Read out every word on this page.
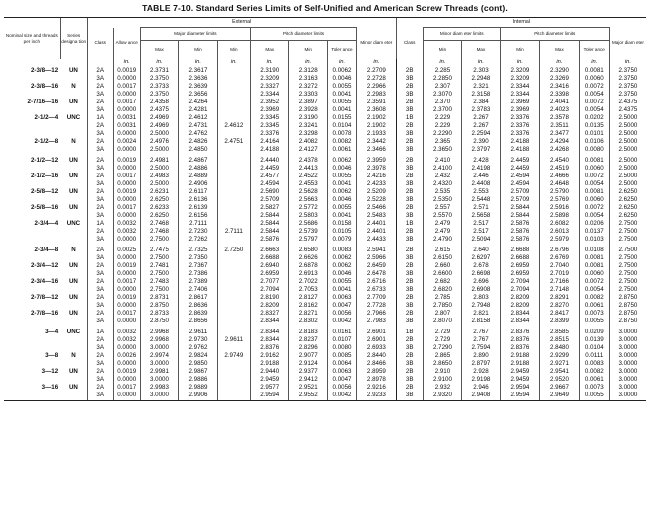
TABLE 7-10. Standard Series Limits of Self-Unified and American Screw Threads (cont).
Nominal size and threads per inch	Series designa tion	External									Internal						
		Class	Allow ance	Major diameter limits			Pitch diameter limits			Minor diam eter	Class	Minor diam eter limits		Pitch diameter limits			Major diam eter
				Max	Min	Min	Max	Min	Toler ance			Min	Max	Min	Max	Toler ance	
			in.	in.	in.	in.	in.	in.	in.	in.		in.	in.	in.	in.	in.	in.
2-3/8—12	UN	2A	0.0019	2.3731	2.3617		2.3190	2.3128	0.0062	2.2709	2B	2.285	2.303	2.3209	2.3290	0.0081	2.3750
		3A	0.0000	2.3750	2.3636		2.3209	2.3163	0.0046	2.2728	3B	2.2850	2.2948	2.3209	2.3269	0.0060	2.3750
2-3/8—16	N	2A	0.0017	2.3733	2.3639		2.3327	2.3272	0.0055	2.2966	2B	2.307	2.321	2.3344	2.3416	0.0072	2.3750
		3A	0.0000	2.3750	2.3656		2.3344	2.3303	0.0041	2.2983	3B	2.3070	2.3158	2.3344	2.3398	0.0054	2.3750
2-7/16—16	UN	2A	0.0017	2.4358	2.4264		2.3952	2.3897	0.0055	2.3591	2B	2.370	2.384	2.3969	2.4041	0.0072	2.4375
		3A	0.0000	2.4375	2.4281		2.3969	2.3928	0.0041	2.3608	3B	2.3700	2.3783	2.3969	2.4023	0.0054	2.4375
2-1/2—4	UNC	1A	0.0031	2.4969	2.4612		2.3345	2.3190	0.0155	2.1902	1B	2.229	2.267	2.3376	2.3578	0.0202	2.5000
		2A	0.0031	2.4969	2.4731	2.4612	2.3345	2.3241	0.0104	2.1902	2B	2.229	2.267	2.3376	2.3511	0.0135	2.5000
		3A	0.0000	2.5000	2.4762		2.3376	2.3298	0.0078	2.1933	3B	2.2290	2.2594	2.3376	2.3477	0.0101	2.5000
2-1/2—8	N	2A	0.0024	2.4976	2.4826	2.4751	2.4164	2.4082	0.0082	2.3442	2B	2.365	2.390	2.4188	2.4294	0.0106	2.5000
		3A	0.0000	2.5000	2.4850		2.4188	2.4127	0.0061	2.3466	3B	2.3650	2.3797	2.4188	2.4268	0.0080	2.5000

2-1/2—12	UN	2A	0.0019	2.4981	2.4867		2.4440	2.4378	0.0062	2.3959	2B	2.410	2.428	2.4459	2.4540	0.0081	2.5000
		3A	0.0000	2.5000	2.4886		2.4459	2.4413	0.0046	2.3978	3B	2.4100	2.4198	2.4459	2.4519	0.0060	2.5000
2-1/2—16	UN	2A	0.0017	2.4983	2.4889		2.4577	2.4522	0.0055	2.4216	2B	2.432	2.446	2.4594	2.4666	0.0072	2.5000
		3A	0.0000	2.5000	2.4906		2.4594	2.4553	0.0041	2.4233	3B	2.4320	2.4408	2.4594	2.4648	0.0054	2.5000
2-5/8—12	UN	2A	0.0019	2.6231	2.6117		2.5690	2.5628	0.0062	2.5209	2B	2.535	2.553	2.5709	2.5790	0.0081	2.6250
		3A	0.0000	2.6250	2.6136		2.5709	2.5663	0.0046	2.5228	3B	2.5350	2.5448	2.5709	2.5769	0.0060	2.6250
2-5/8—16	UN	2A	0.0017	2.6233	2.6139		2.5827	2.5772	0.0055	2.5466	2B	2.557	2.571	2.5844	2.5916	0.0072	2.6250
		3A	0.0000	2.6250	2.6156		2.5844	2.5803	0.0041	2.5483	3B	2.5570	2.5658	2.5844	2.5898	0.0054	2.6250
2-3/4—4	UNC	1A	0.0032	2.7468	2.7111		2.5844	2.5686	0.0158	2.4401	1B	2.479	2.517	2.5876	2.6082	0.0206	2.7500
		2A	0.0032	2.7468	2.7230	2.7111	2.5844	2.5739	0.0105	2.4401	2B	2.479	2.517	2.5876	2.6013	0.0137	2.7500
		3A	0.0000	2.7500	2.7262		2.5876	2.5797	0.0079	2.4433	3B	2.4790	2.5094	2.5876	2.5979	0.0103	2.7500

2-3/4—8	N	2A	0.0025	2.7475	2.7325	2.7250	2.6663	2.6580	0.0083	2.5941	2B	2.615	2.640	2.6688	2.6796	0.0108	2.7500
		3A	0.0000	2.7500	2.7350		2.6688	2.6626	0.0062	2.5966	3B	2.6150	2.6297	2.6688	2.6769	0.0081	2.7500
2-3/4—12	UN	2A	0.0019	2.7481	2.7367		2.6940	2.6878	0.0062	2.6459	2B	2.660	2.678	2.6959	2.7040	0.0081	2.7500
		3A	0.0000	2.7500	2.7386		2.6959	2.6913	0.0046	2.6478	3B	2.6600	2.6698	2.6959	2.7019	0.0060	2.7500
2-3/4—16	UN	2A	0.0017	2.7483	2.7389		2.7077	2.7022	0.0055	2.6716	2B	2.682	2.696	2.7094	2.7166	0.0072	2.7500
		3A	0.0000	2.7500	2.7406		2.7094	2.7053	0.0041	2.6733	3B	2.6820	2.6908	2.7094	2.7148	0.0054	2.7500
2-7/8—12	UN	2A	0.0019	2.8731	2.8617		2.8190	2.8127	0.0063	2.7709	2B	2.785	2.803	2.8209	2.8291	0.0082	2.8750
		3A	0.0000	2.8750	2.8636		2.8209	2.8162	0.0047	2.7728	3B	2.7850	2.7948	2.8209	2.8270	0.0061	2.8750
2-7/8—16	UN	2A	0.0017	2.8733	2.8639		2.8327	2.8271	0.0056	2.7966	2B	2.807	2.821	2.8344	2.8417	0.0073	2.8750
		3A	0.0000	2.8750	2.8656		2.8344	2.8302	0.0042	2.7983	3B	2.8070	2.8158	2.8344	2.8399	0.0055	2.8750

3—4	UNC	1A	0.0032	2.9968	2.9611		2.8344	2.8183	0.0161	2.6901	1B	2.729	2.767	2.8376	2.8585	0.0209	3.0000
		2A	0.0032	2.9968	2.9730	2.9611	2.8344	2.8237	0.0107	2.6901	2B	2.729	2.767	2.8376	2.8515	0.0139	3.0000
		3A	0.0000	3.0000	2.9762		2.8376	2.8296	0.0080	2.6933	3B	2.7290	2.7594	2.8376	2.8480	0.0104	3.0000
3—8	N	2A	0.0026	2.9974	2.9824	2.9749	2.9162	2.9077	0.0085	2.8440	2B	2.865	2.890	2.9188	2.9299	0.0111	3.0000
		3A	0.0000	3.0000	2.9850		2.9188	2.9124	0.0064	2.8466	3B	2.8650	2.8797	2.9188	2.9271	0.0083	3.0000
3—12	UN	2A	0.0019	2.9981	2.9867		2.9440	2.9377	0.0063	2.8959	2B	2.910	2.928	2.9459	2.9541	0.0082	3.0000
		3A	0.0000	3.0000	2.9886		2.9459	2.9412	0.0047	2.8978	3B	2.9100	2.9198	2.9459	2.9520	0.0061	3.0000
3—16	UN	2A	0.0017	2.9983	2.9889		2.9577	2.9521	0.0056	2.9216	2B	2.932	2.946	2.9594	2.9667	0.0073	3.0000
		3A	0.0000	3.0000	2.9906		2.9594	2.9552	0.0042	2.9233	3B	2.9320	2.9408	2.9594	2.9649	0.0055	3.0000
